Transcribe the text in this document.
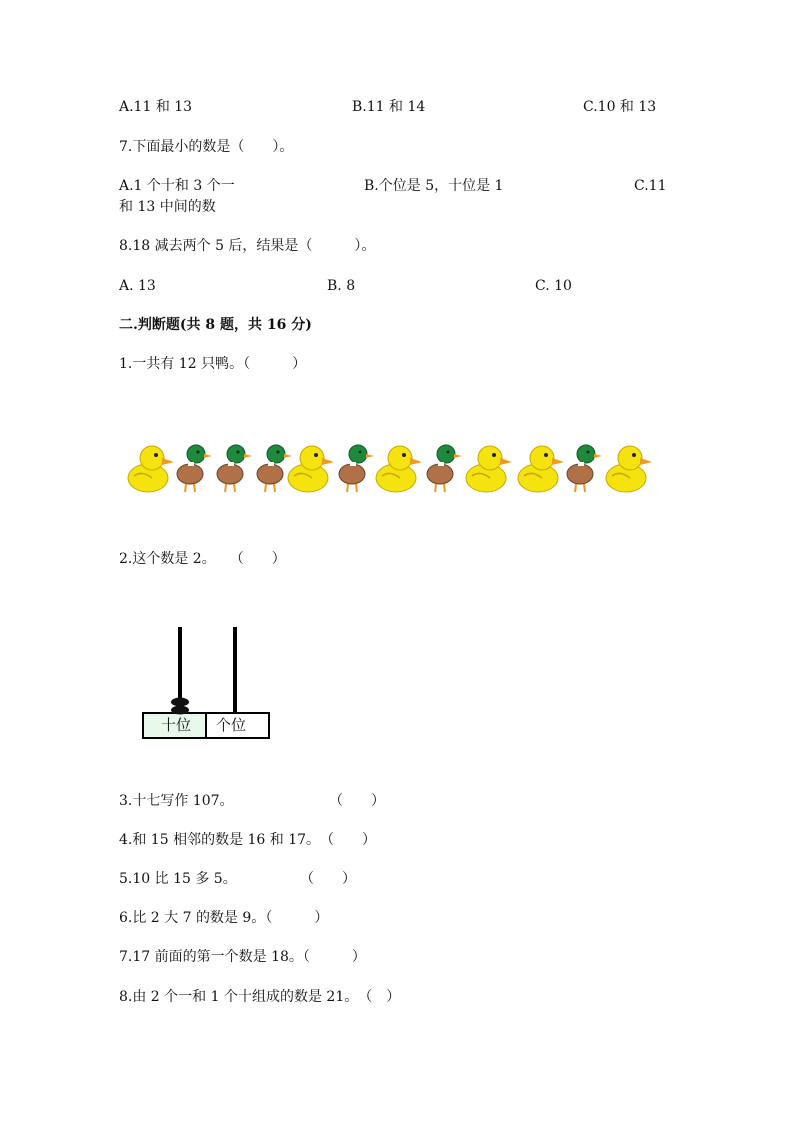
A.11 和 13	B.11 和 14	C.10 和 13
7.下面最小的数是（　　）。
A.1 个十和 3 个一	B.个位是 5，十位是 1	C.11
和 13 中间的数
8.18 减去两个 5 后，结果是（　　　）。
A. 13	B. 8	C. 10
二.判断题(共 8 题，共 16 分)
1.一共有 12 只鸭。（　　　）
2.这个数是 2。　　（　　）
十位 个位
3.十七写作 107。	（　　）
4.和 15 相邻的数是 16 和 17。　（　　）
5.10 比 15 多 5。	（　　）
6.比 2 大 7 的数是 9。（　　　）
7.17 前面的第一个数是 18。（　　　）
8.由 2 个一和 1 个十组成的数是 21。　（　）
